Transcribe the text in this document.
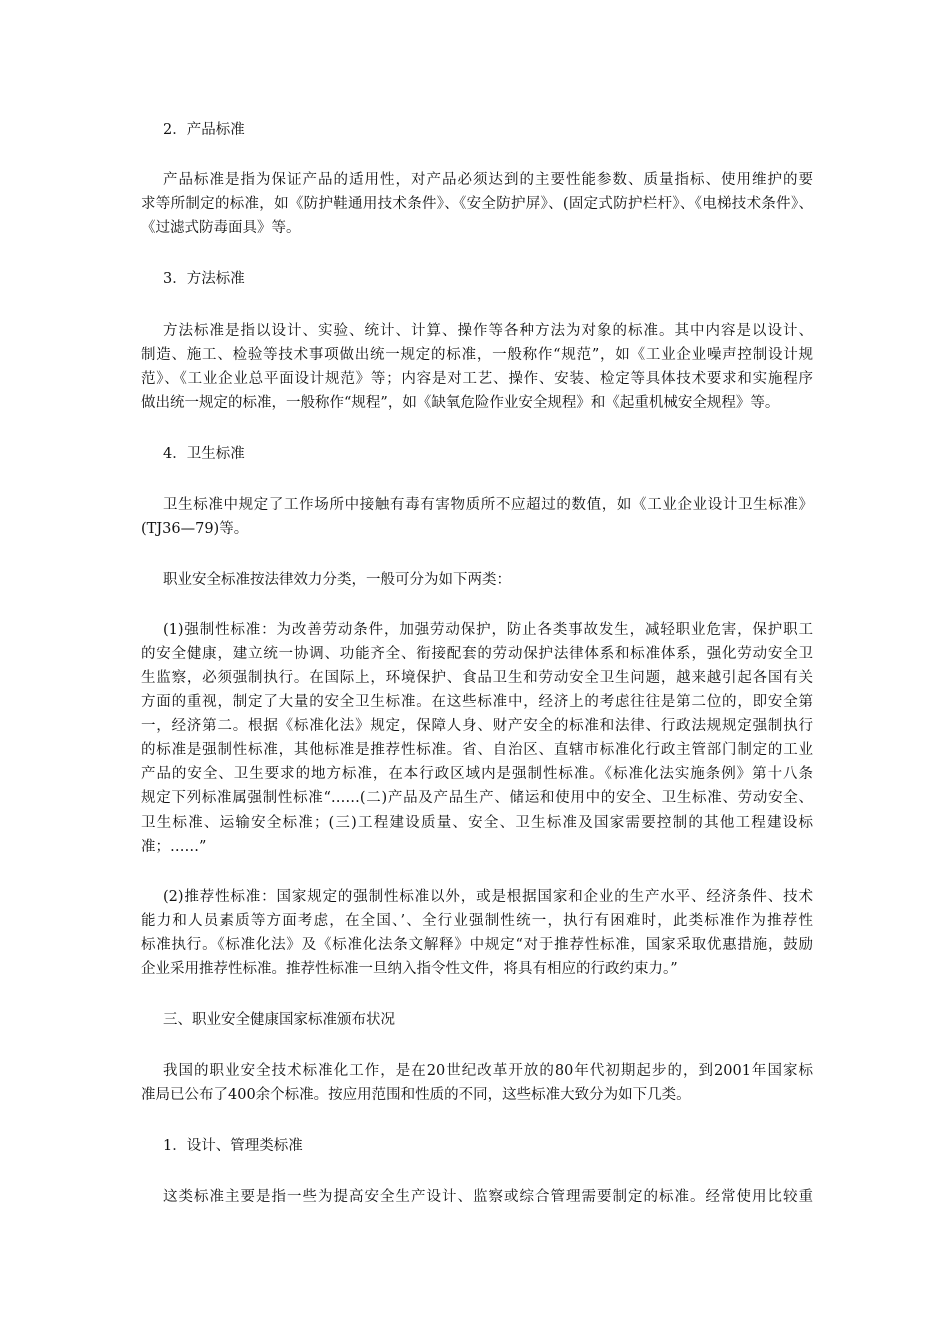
2．产品标准

产品标准是指为保证产品的适用性，对产品必须达到的主要性能参数、质量指标、使用维护的要

求等所制定的标准，如《防护鞋通用技术条件》、《安全防护屏》、(固定式防护栏杆》、《电梯技术条件》、

《过滤式防毒面具》等。

3．方法标准

方法标准是指以设计、实验、统计、计算、操作等各种方法为对象的标准。其中内容是以设计、

制造、施工、检验等技术事项做出统一规定的标准，一般称作“规范”，如《工业企业噪声控制设计规

范》、《工业企业总平面设计规范》等；内容是对工艺、操作、安装、检定等具体技术要求和实施程序

做出统一规定的标准，一般称作“规程”，如《缺氧危险作业安全规程》和《起重机械安全规程》等。

4．卫生标准

卫生标准中规定了工作场所中接触有毒有害物质所不应超过的数值，如《工业企业设计卫生标准》

(TJ36—79)等。

职业安全标准按法律效力分类，一般可分为如下两类：

(1)强制性标准：为改善劳动条件，加强劳动保护，防止各类事故发生，减轻职业危害，保护职工

的安全健康，建立统一协调、功能齐全、衔接配套的劳动保护法律体系和标准体系，强化劳动安全卫

生监察，必须强制执行。在国际上，环境保护、食品卫生和劳动安全卫生问题，越来越引起各国有关

方面的重视，制定了大量的安全卫生标准。在这些标准中，经济上的考虑往往是第二位的，即安全第

一，经济第二。根据《标准化法》规定，保障人身、财产安全的标准和法律、行政法规规定强制执行

的标准是强制性标准，其他标准是推荐性标准。省、自治区、直辖市标准化行政主管部门制定的工业

产品的安全、卫生要求的地方标准，在本行政区域内是强制性标准。《标准化法实施条例》第十八条

规定下列标准属强制性标准“……(二)产品及产品生产、储运和使用中的安全、卫生标准、劳动安全、

卫生标准、运输安全标准；(三)工程建设质量、安全、卫生标准及国家需要控制的其他工程建设标

准；……”

(2)推荐性标准：国家规定的强制性标准以外，或是根据国家和企业的生产水平、经济条件、技术

能力和人员素质等方面考虑，在全国、’、全行业强制性统一，执行有困难时，此类标准作为推荐性

标准执行。《标准化法》及《标准化法条文解释》中规定“对于推荐性标准，国家采取优惠措施，鼓励

企业采用推荐性标准。推荐性标准一旦纳入指令性文件，将具有相应的行政约束力。”

三、职业安全健康国家标准颁布状况

我国的职业安全技术标准化工作，是在20世纪改革开放的80年代初期起步的，到2001年国家标

准局已公布了400余个标准。按应用范围和性质的不同，这些标准大致分为如下几类。

1．设计、管理类标准

这类标准主要是指一些为提高安全生产设计、监察或综合管理需要制定的标准。经常使用比较重
